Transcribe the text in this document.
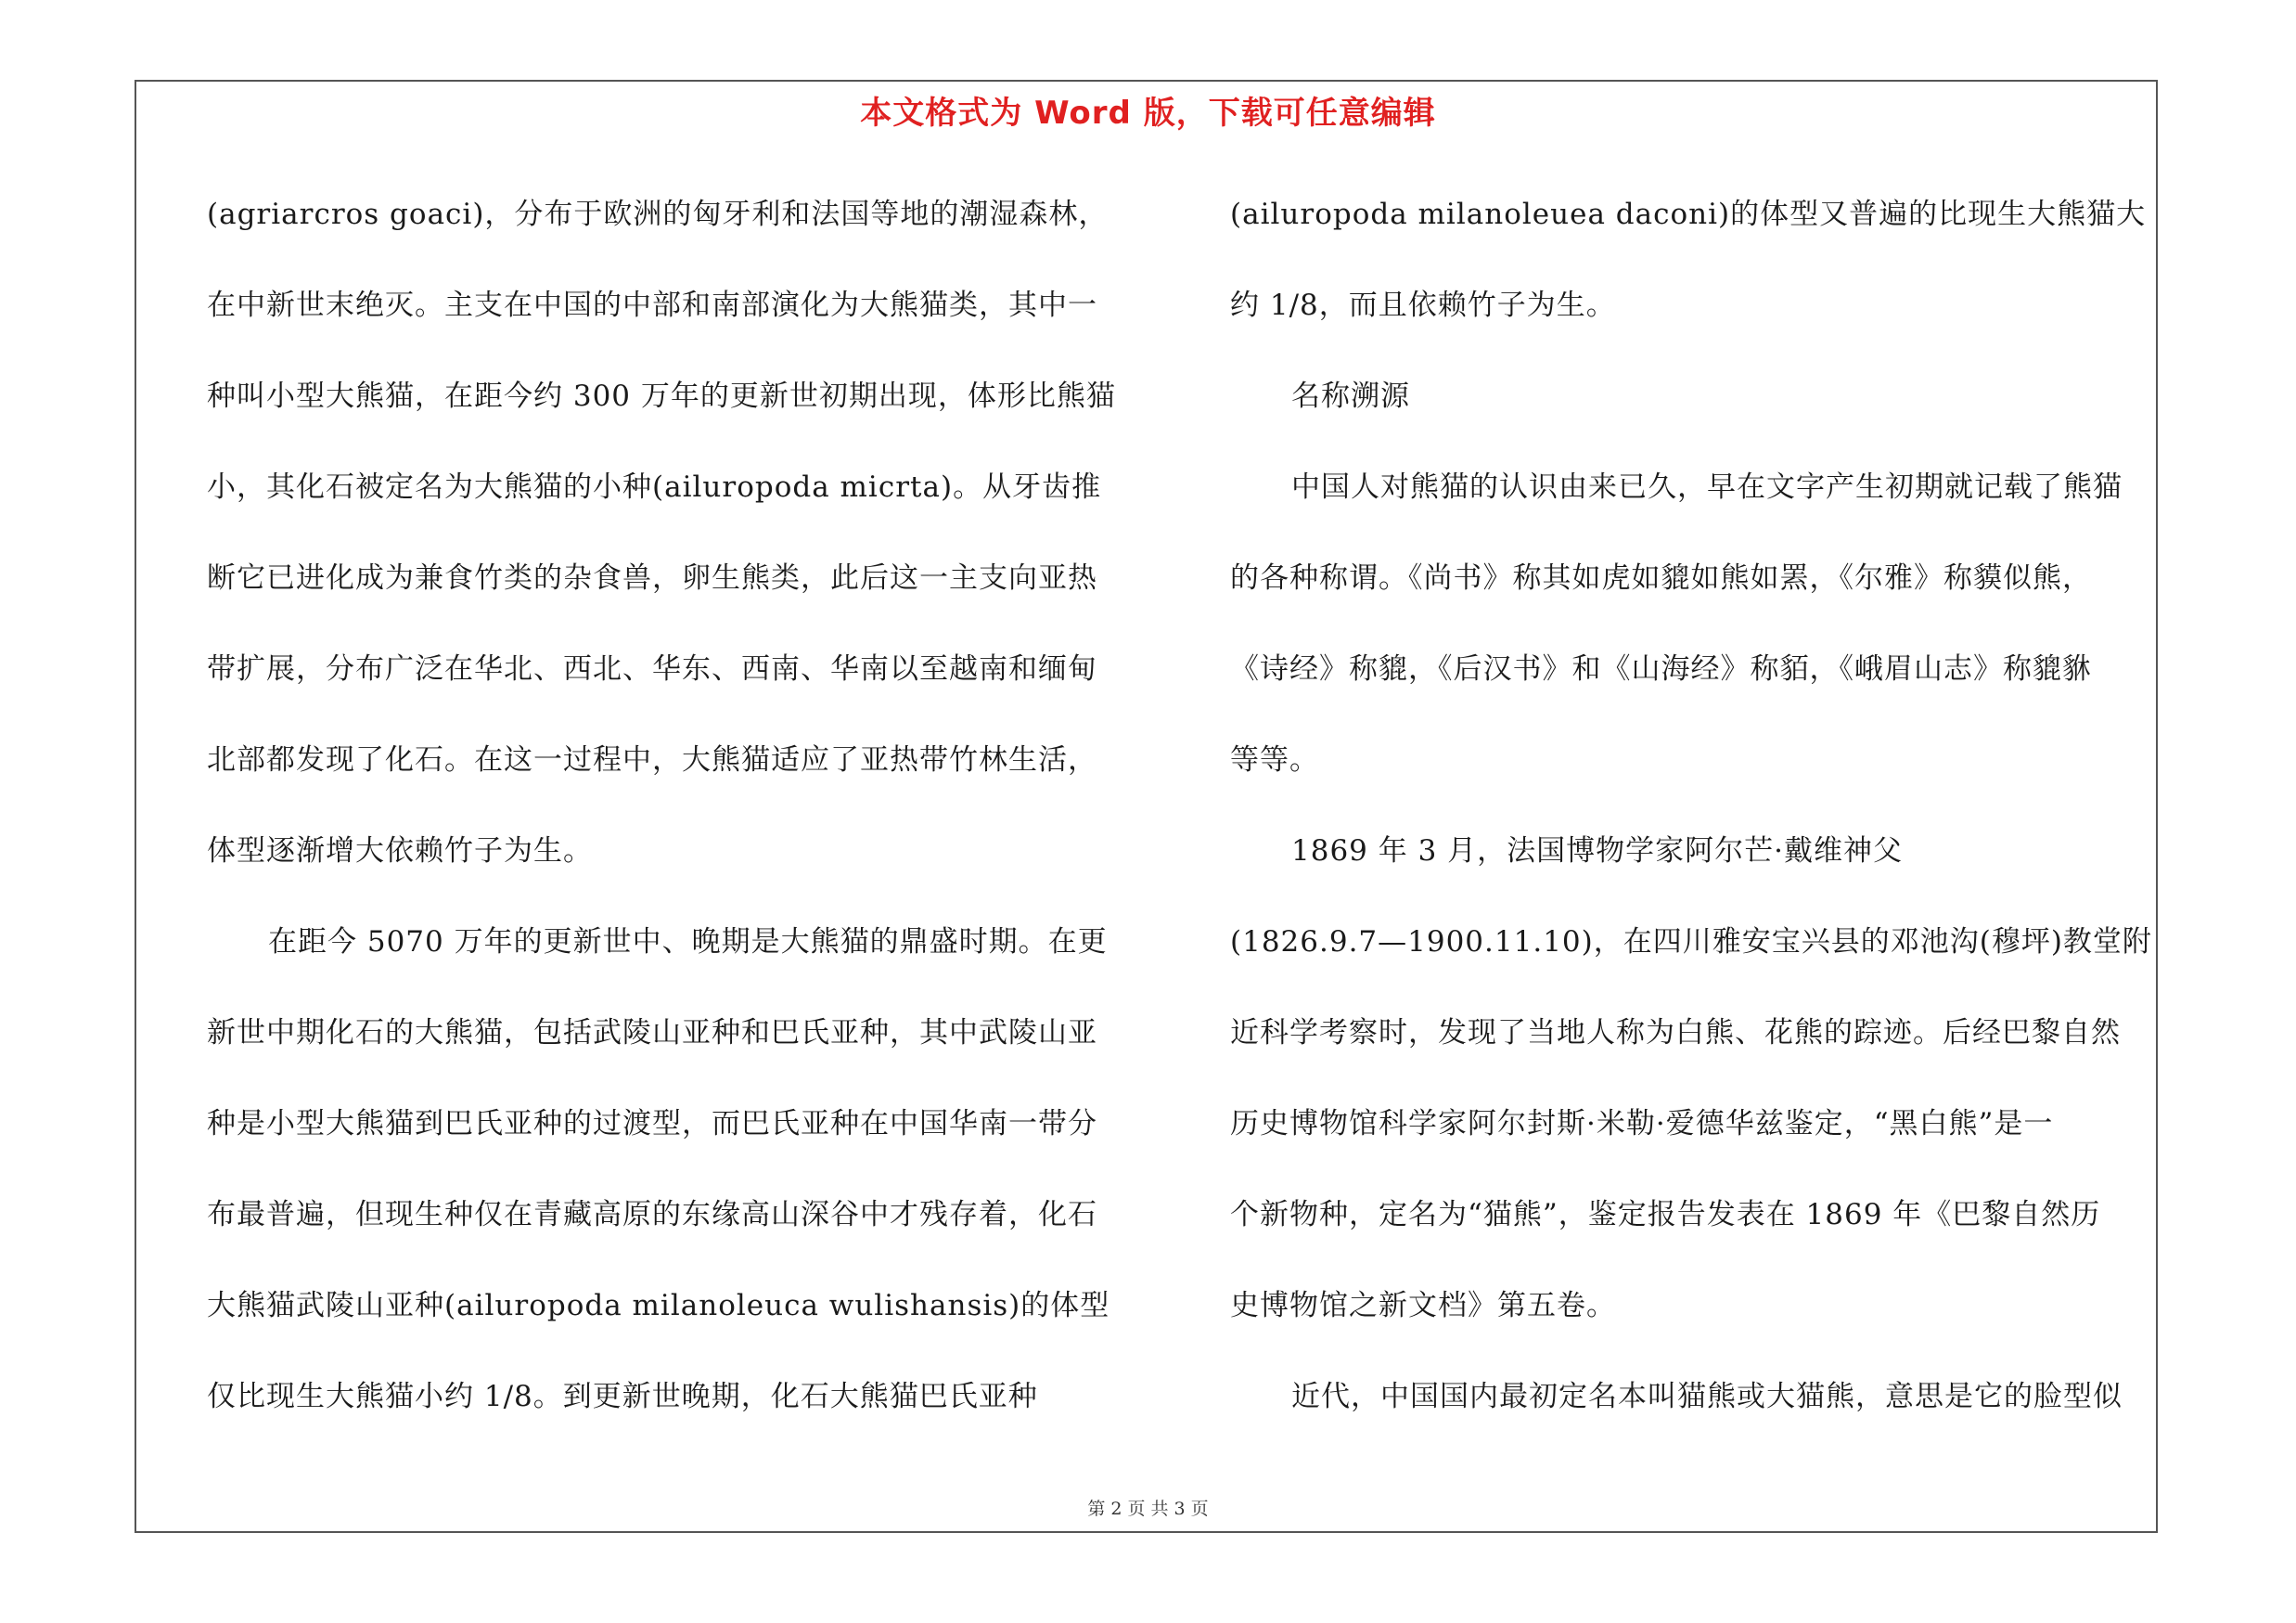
本文格式为 Word 版，下载可任意编辑
(agriarcros goaci)，分布于欧洲的匈牙利和法国等地的潮湿森林，
在中新世末绝灭。主支在中国的中部和南部演化为大熊猫类，其中一
种叫小型大熊猫，在距今约 300 万年的更新世初期出现，体形比熊猫
小，其化石被定名为大熊猫的小种(ailuropoda micrta)。从牙齿推
断它已进化成为兼食竹类的杂食兽，卵生熊类，此后这一主支向亚热
带扩展，分布广泛在华北、西北、华东、西南、华南以至越南和缅甸
北部都发现了化石。在这一过程中，大熊猫适应了亚热带竹林生活，
体型逐渐增大依赖竹子为生。
在距今 5070 万年的更新世中、晚期是大熊猫的鼎盛时期。在更
新世中期化石的大熊猫，包括武陵山亚种和巴氏亚种，其中武陵山亚
种是小型大熊猫到巴氏亚种的过渡型，而巴氏亚种在中国华南一带分
布最普遍，但现生种仅在青藏高原的东缘高山深谷中才残存着，化石
大熊猫武陵山亚种(ailuropoda milanoleuca wulishansis)的体型
仅比现生大熊猫小约 1/8。到更新世晚期，化石大熊猫巴氏亚种
(ailuropoda milanoleuea daconi)的体型又普遍的比现生大熊猫大
约 1/8，而且依赖竹子为生。
名称溯源
中国人对熊猫的认识由来已久，早在文字产生初期就记载了熊猫
的各种称谓。《尚书》称其如虎如貔如熊如罴，《尔雅》称貘似熊，
《诗经》称貔，《后汉书》和《山海经》称貊，《峨眉山志》称貔貅
等等。
1869 年 3 月，法国博物学家阿尔芒·戴维神父
(1826.9.7—1900.11.10)，在四川雅安宝兴县的邓池沟(穆坪)教堂附
近科学考察时，发现了当地人称为白熊、花熊的踪迹。后经巴黎自然
历史博物馆科学家阿尔封斯·米勒·爱德华兹鉴定，“黑白熊”是一
个新物种，定名为“猫熊”，鉴定报告发表在 1869 年《巴黎自然历
史博物馆之新文档》第五卷。
近代，中国国内最初定名本叫猫熊或大猫熊，意思是它的脸型似
第 2 页 共 3 页
